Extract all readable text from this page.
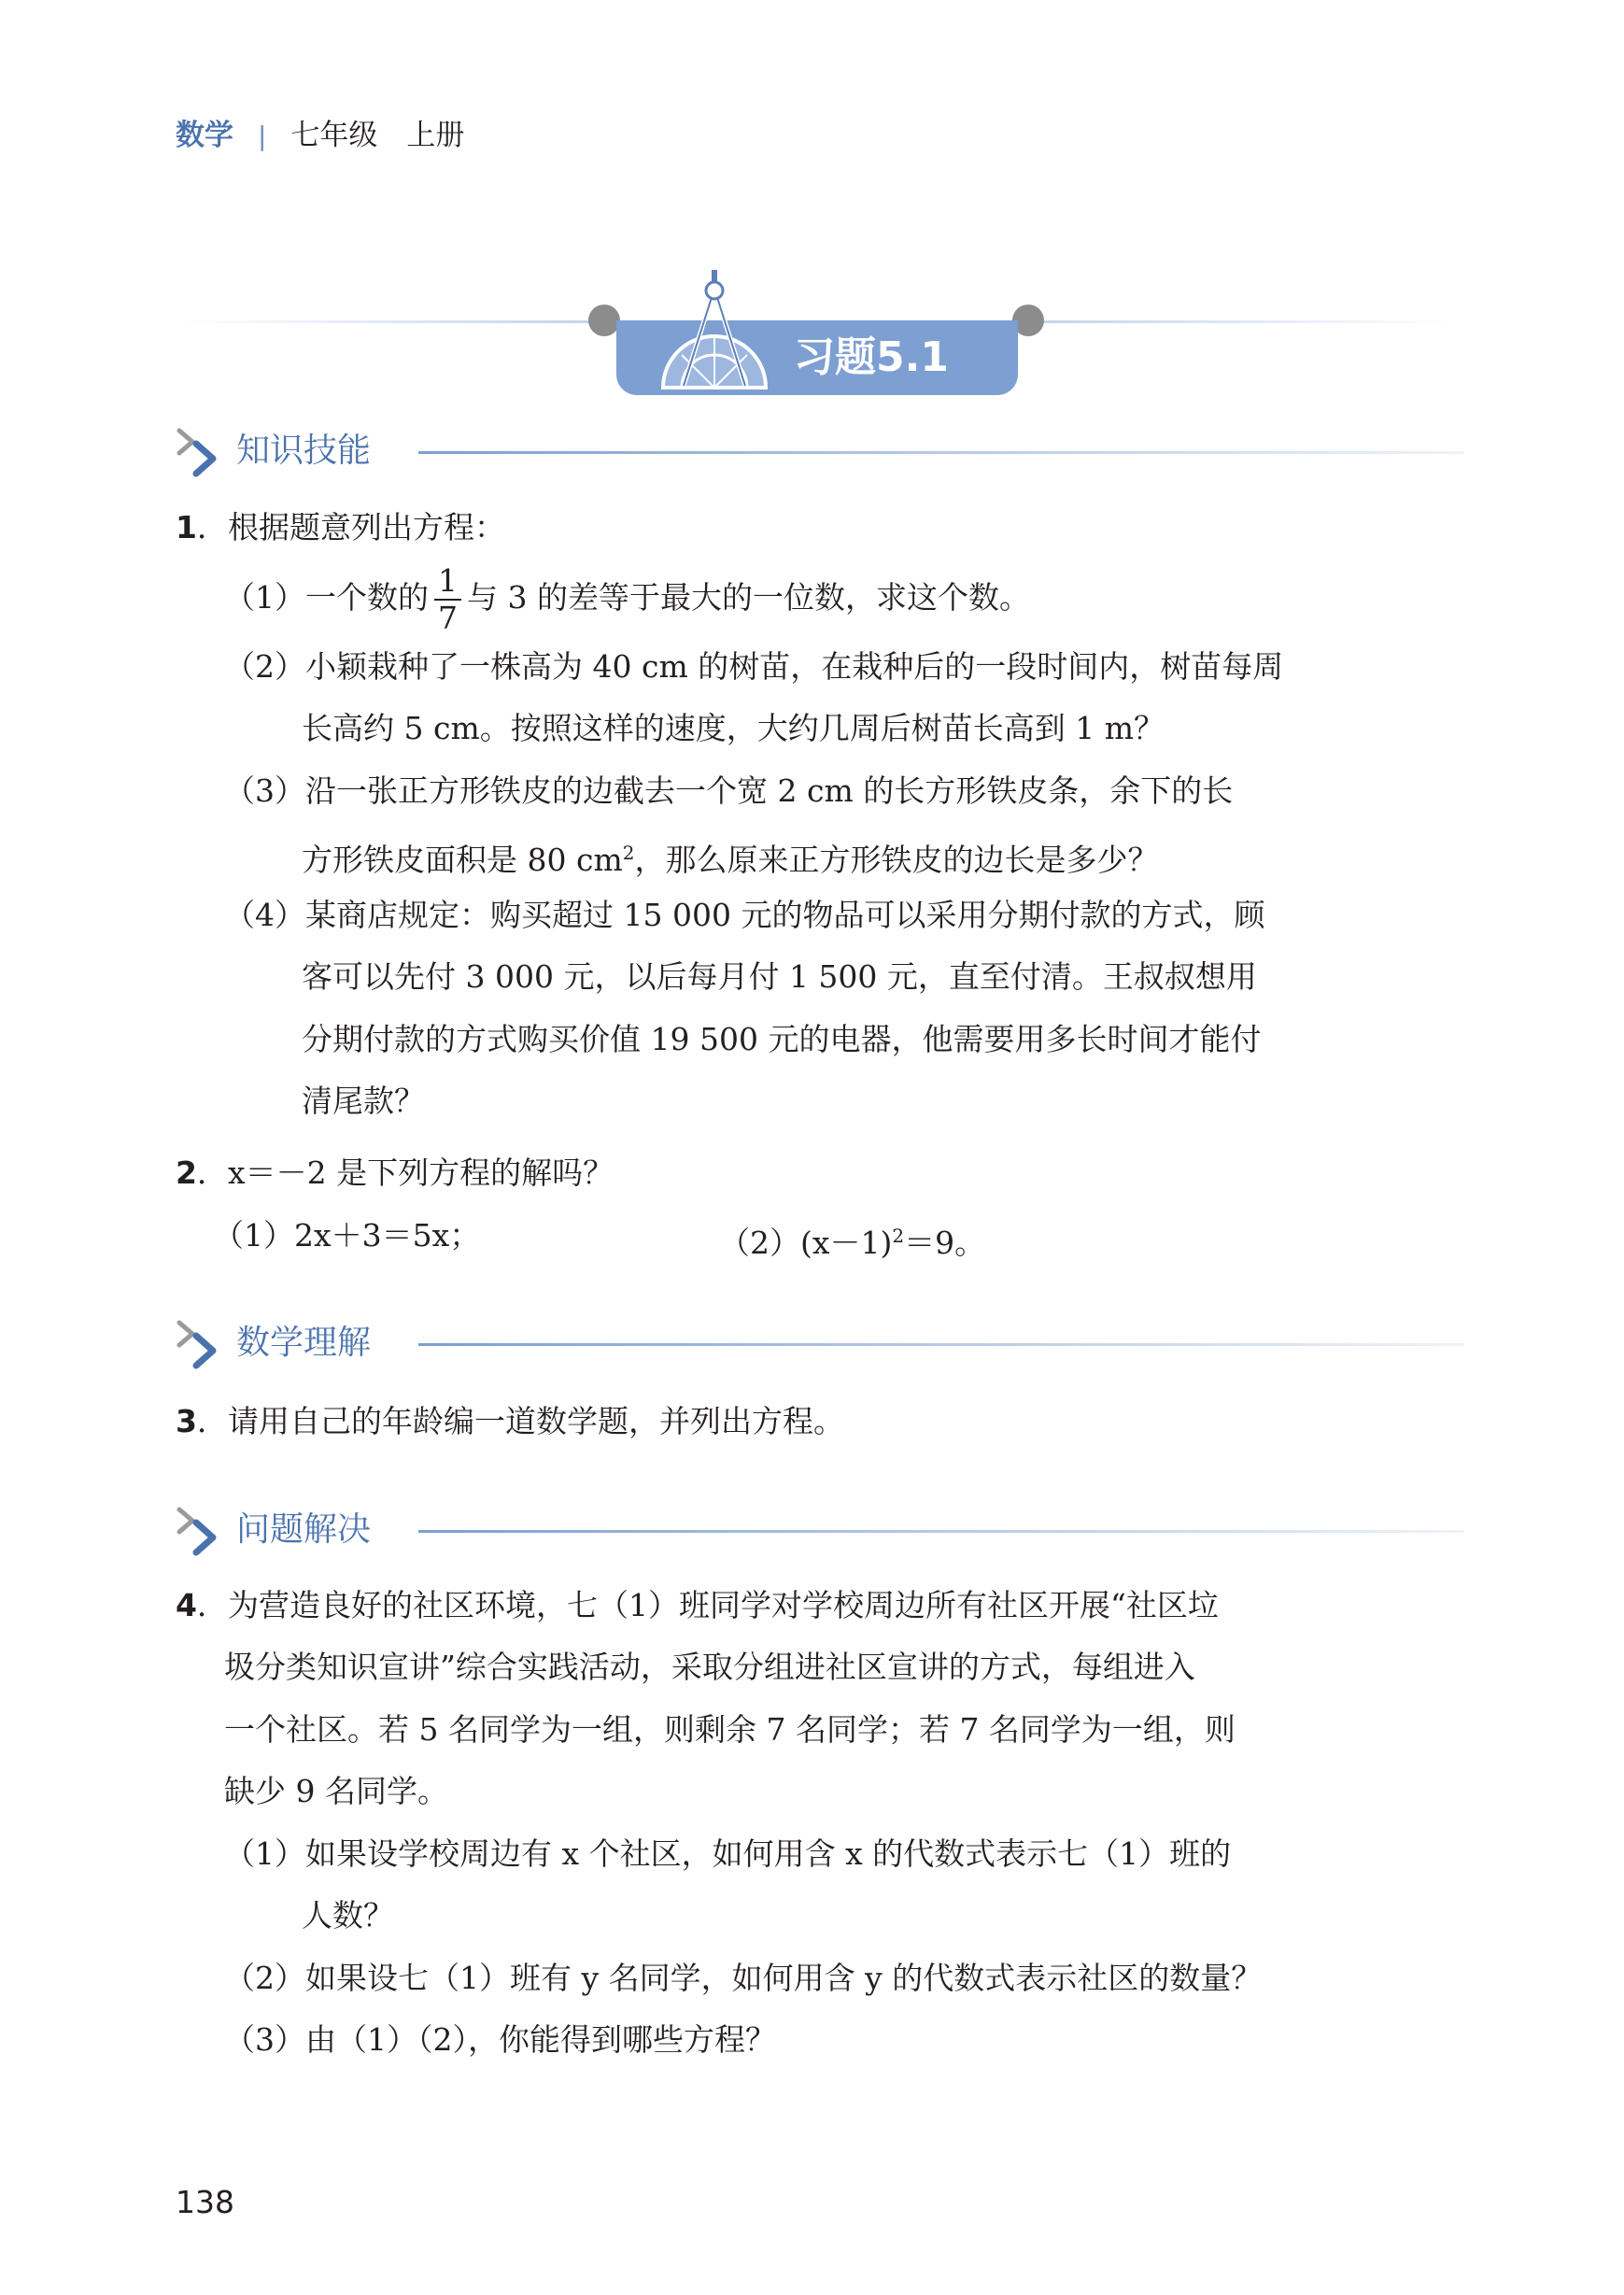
数学 | 七年级　上册
习题5.1
知识技能
1．根据题意列出方程：
（1）一个数的 $\frac{1}{7}$ 与 3 的差等于最大的一位数，求这个数。
（2）小颖栽种了一株高为 40 cm 的树苗，在栽种后的一段时间内，树苗每周
长高约 5 cm。按照这样的速度，大约几周后树苗长高到 1 m？
（3）沿一张正方形铁皮的边截去一个宽 2 cm 的长方形铁皮条，余下的长
方形铁皮面积是 80 $cm^2$，那么原来正方形铁皮的边长是多少？
（4）某商店规定：购买超过 15 000 元的物品可以采用分期付款的方式，顾
客可以先付 3 000 元，以后每月付 1 500 元，直至付清。王叔叔想用
分期付款的方式购买价值 19 500 元的电器，他需要用多长时间才能付
清尾款？
2．x＝－2 是下列方程的解吗？
（1）2x＋3＝5x；	$(2)(x-1)^2=9$。
数学理解
3．请用自己的年龄编一道数学题，并列出方程。
问题解决
4．为营造良好的社区环境，七（1）班同学对学校周边所有社区开展“社区垃
圾分类知识宣讲”综合实践活动，采取分组进社区宣讲的方式，每组进入
一个社区。若 5 名同学为一组，则剩余 7 名同学；若 7 名同学为一组，则
缺少 9 名同学。
（1）如果设学校周边有 x 个社区，如何用含 x 的代数式表示七（1）班的
人数？
（2）如果设七（1）班有 y 名同学，如何用含 y 的代数式表示社区的数量？
（3）由（1）（2），你能得到哪些方程？
138
